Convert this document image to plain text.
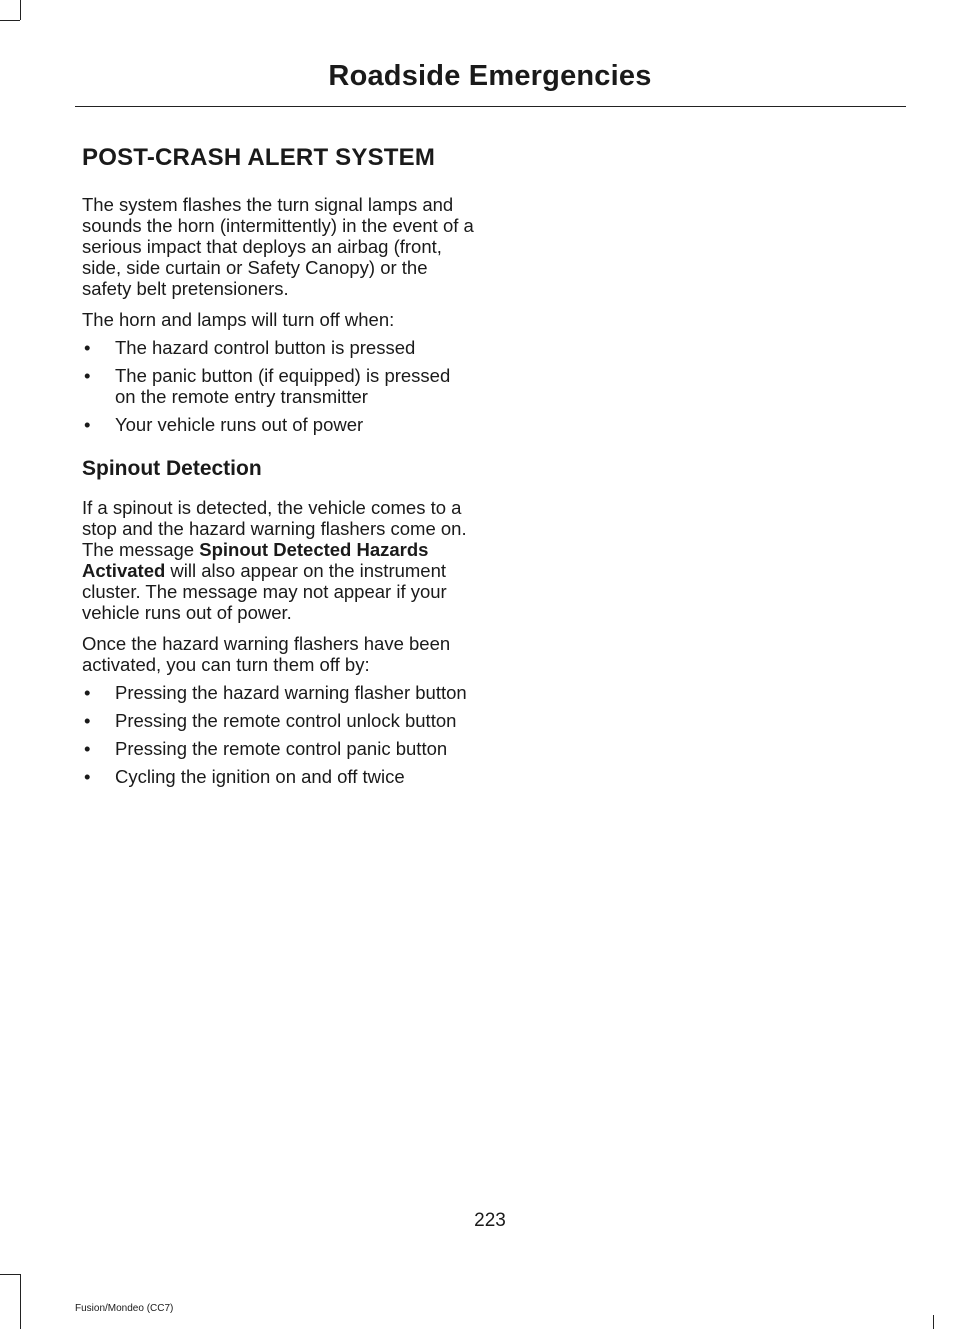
Roadside Emergencies
POST-CRASH ALERT SYSTEM

The system flashes the turn signal lamps and sounds the horn (intermittently) in the event of a serious impact that deploys an airbag (front, side, side curtain or Safety Canopy) or the safety belt pretensioners.

The horn and lamps will turn off when:

• The hazard control button is pressed
• The panic button (if equipped) is pressed on the remote entry transmitter
• Your vehicle runs out of power
Spinout Detection

If a spinout is detected, the vehicle comes to a stop and the hazard warning flashers come on. The message Spinout Detected Hazards Activated will also appear on the instrument cluster. The message may not appear if your vehicle runs out of power.

Once the hazard warning flashers have been activated, you can turn them off by:

• Pressing the hazard warning flasher button
• Pressing the remote control unlock button
• Pressing the remote control panic button
• Cycling the ignition on and off twice
223
Fusion/Mondeo (CC7)
